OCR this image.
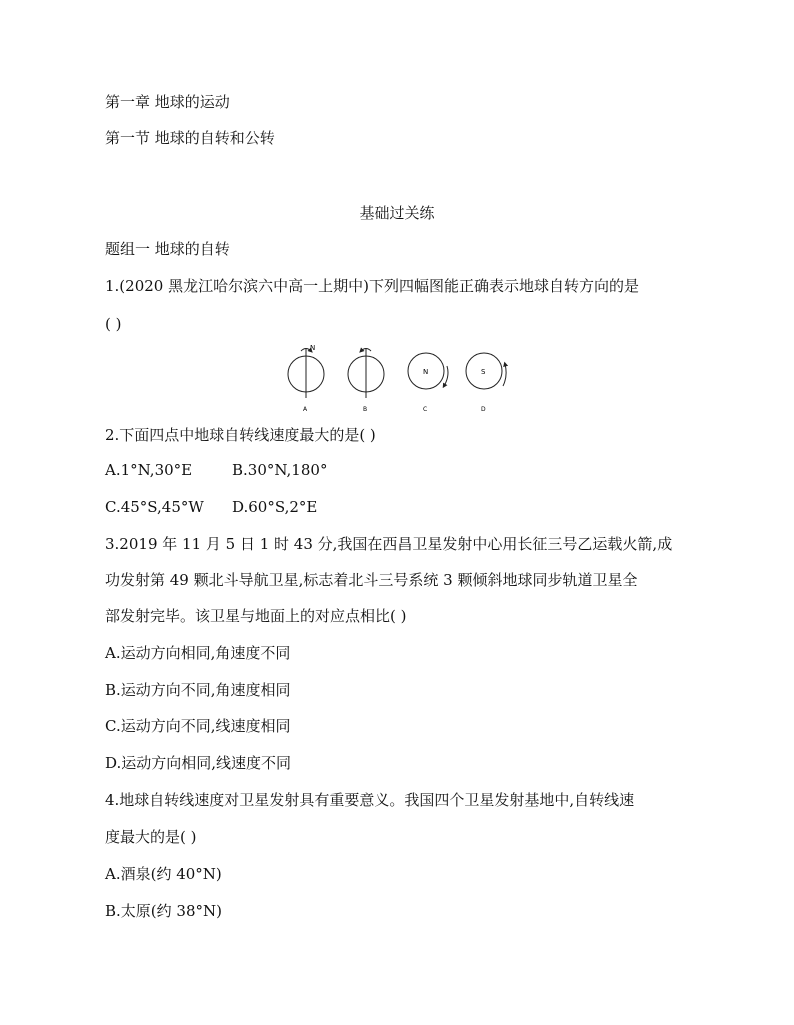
第一章 地球的运动
第一节 地球的自转和公转
基础过关练
题组一 地球的自转
1.(2020 黑龙江哈尔滨六中高一上期中)下列四幅图能正确表示地球自转方向的是
( )
N
A	B
N
C
S
D
2.下面四点中地球自转线速度最大的是( )
A.1°N,30°E	B.30°N,180°
C.45°S,45°W D.60°S,2°E
3.2019 年 11 月 5 日 1 时 43 分,我国在西昌卫星发射中心用长征三号乙运载火箭,成
功发射第 49 颗北斗导航卫星,标志着北斗三号系统 3 颗倾斜地球同步轨道卫星全
部发射完毕。该卫星与地面上的对应点相比( )
A.运动方向相同,角速度不同
B.运动方向不同,角速度相同
C.运动方向不同,线速度相同
D.运动方向相同,线速度不同
4.地球自转线速度对卫星发射具有重要意义。我国四个卫星发射基地中,自转线速
度最大的是( )
A.酒泉(约 40°N)
B.太原(约 38°N)
